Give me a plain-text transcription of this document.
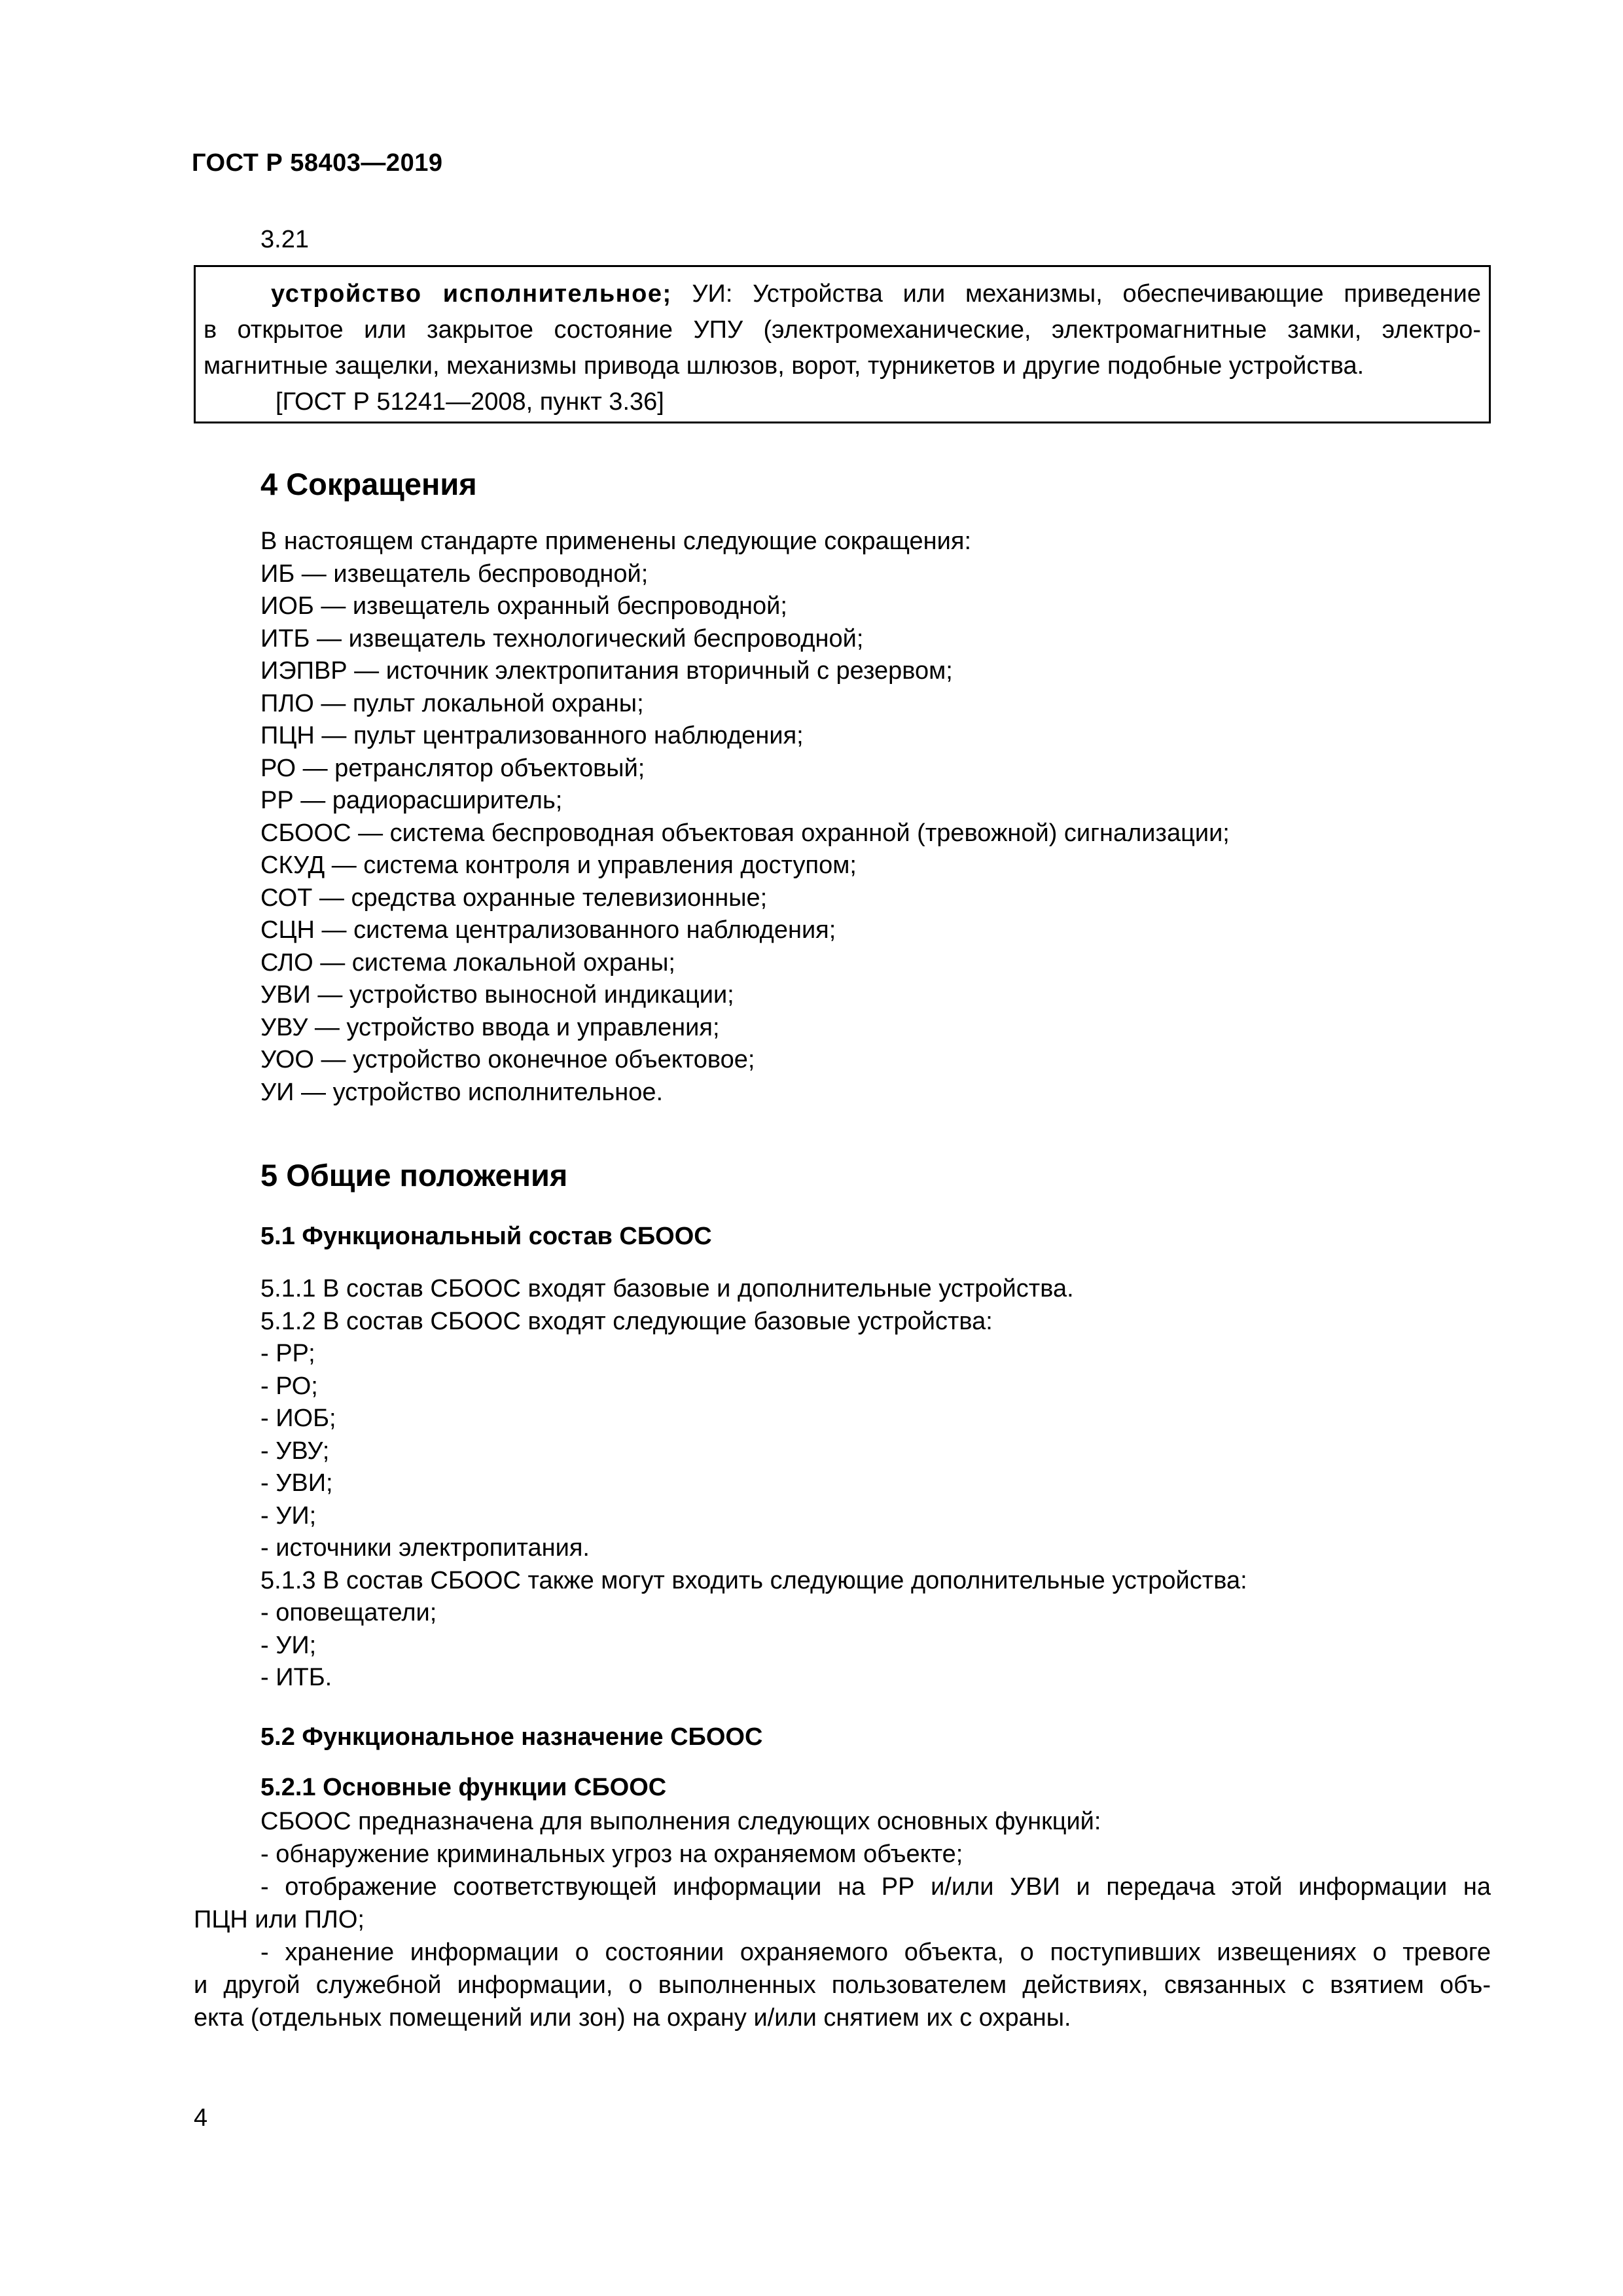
ГОСТ Р 58403—2019
3.21

устройство исполнительное; УИ: Устройства или механизмы, обеспечивающие приведение

в открытое или закрытое состояние УПУ (электромеханические, электромагнитные замки, электро-

магнитные защелки, механизмы привода шлюзов, ворот, турникетов и другие подобные устройства.

[ГОСТ Р 51241—2008, пункт 3.36]

4 Сокращения
В настоящем стандарте применены следующие сокращения:
ИБ — извещатель беспроводной;
ИОБ — извещатель охранный беспроводной;
ИТБ — извещатель технологический беспроводной;
ИЭПВР — источник электропитания вторичный с резервом;
ПЛО — пульт локальной охраны;
ПЦН — пульт централизованного наблюдения;
РО — ретранслятор объектовый;
РР — радиорасширитель;
СБООС — система беспроводная объектовая охранной (тревожной) сигнализации;
СКУД — система контроля и управления доступом;
СОТ — средства охранные телевизионные;
СЦН — система централизованного наблюдения;
СЛО — система локальной охраны;
УВИ — устройство выносной индикации;
УВУ — устройство ввода и управления;
УОО — устройство оконечное объектовое;
УИ — устройство исполнительное.
5 Общие положения
5.1 Функциональный состав СБООС
5.1.1 В состав СБООС входят базовые и дополнительные устройства.
5.1.2 В состав СБООС входят следующие базовые устройства:
- РР;
- РО;
- ИОБ;
- УВУ;
- УВИ;
- УИ;
- источники электропитания.
5.1.3 В состав СБООС также могут входить следующие дополнительные устройства:
- оповещатели;
- УИ;
- ИТБ.
5.2 Функциональное назначение СБООС
5.2.1 Основные функции СБООС
СБООС предназначена для выполнения следующих основных функций:
- обнаружение криминальных угроз на охраняемом объекте;
- отображение соответствующей информации на РР и/или УВИ и передача этой информации на
ПЦН или ПЛО;
- хранение информации о состоянии охраняемого объекта, о поступивших извещениях о тревоге
и другой служебной информации, о выполненных пользователем действиях, связанных с взятием объ-
екта (отдельных помещений или зон) на охрану и/или снятием их с охраны.
4
